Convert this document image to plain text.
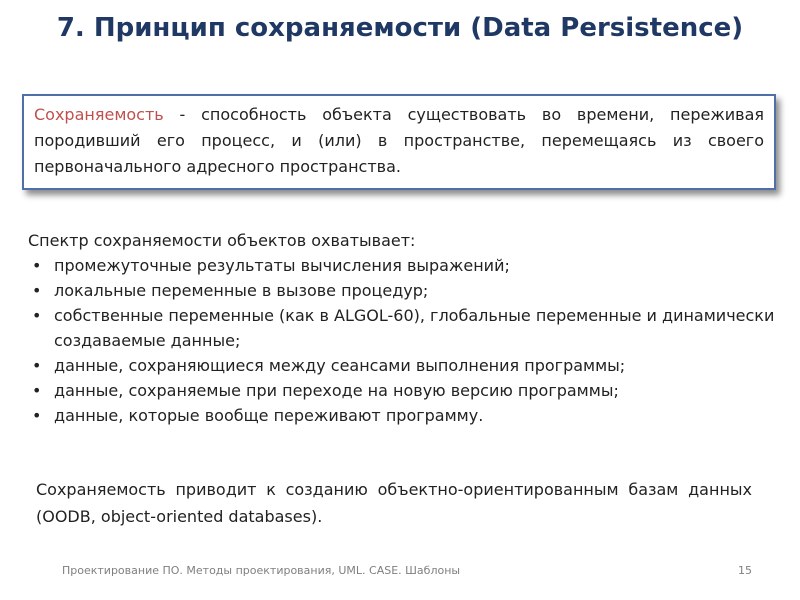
7. Принцип сохраняемости (Data Persistence)
Сохраняемость - способность объекта существовать во времени, переживая породивший его процесс, и (или) в пространстве, перемещаясь из своего первоначального адресного пространства.
Спектр сохраняемости объектов охватывает:
• промежуточные результаты вычисления выражений;
• локальные переменные в вызове процедур;
• собственные переменные (как в ALGOL-60), глобальные переменные и динамически создаваемые данные;
• данные, сохраняющиеся между сеансами выполнения программы;
• данные, сохраняемые при переходе на новую версию программы;
• данные, которые вообще переживают программу.
Сохраняемость приводит к созданию объектно-ориентированным базам данных (OODB, object-oriented databases).
Проектирование ПО. Методы проектирования, UML. CASE. Шаблоны	15
